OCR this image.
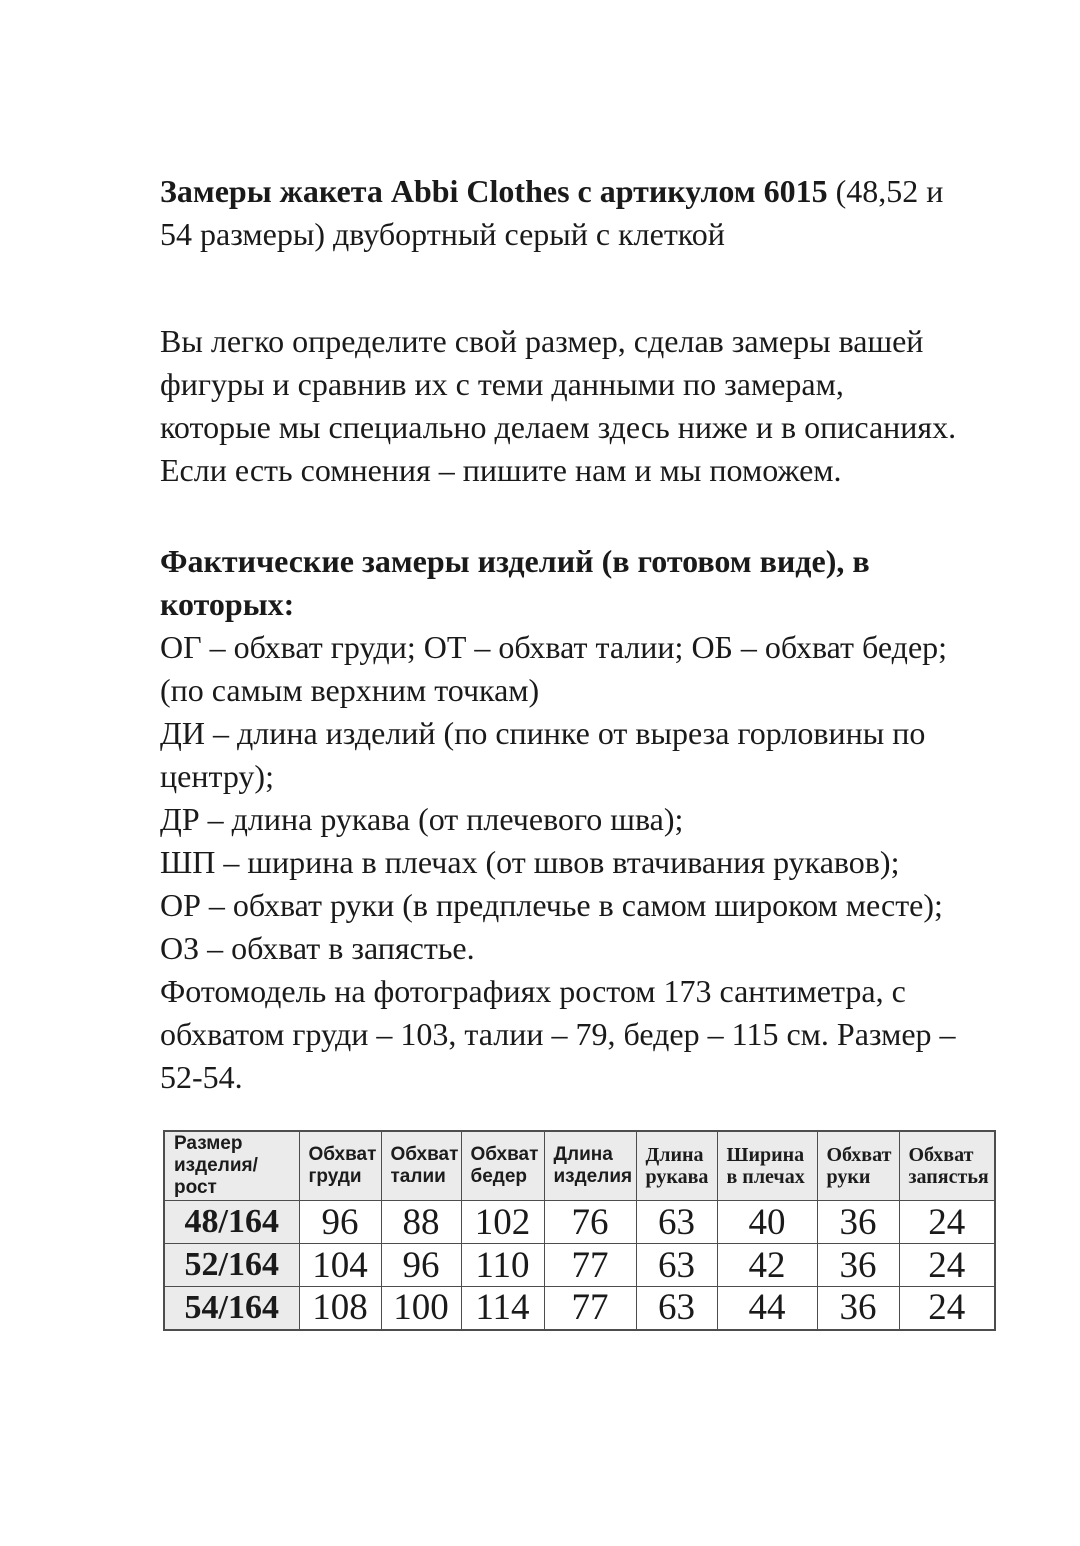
Замеры жакета Abbi Clothes с артикулом 6015 (48,52 и 54 размеры) двубортный серый с клеткой

Вы легко определите свой размер, сделав замеры вашей фигуры и сравнив их с теми данными по замерам, которые мы специально делаем здесь ниже и в описаниях. Если есть сомнения – пишите нам и мы поможем.

Фактические замеры изделий (в готовом виде), в которых:

ОГ – обхват груди; ОТ – обхват талии; ОБ – обхват бедер; (по самым верхним точкам)

ДИ – длина изделий (по спинке от выреза горловины по центру);

ДР – длина рукава (от плечевого шва);

ШП – ширина в плечах (от швов втачивания рукавов);

ОР – обхват руки (в предплечье в самом широком месте);

ОЗ – обхват в запястье.

Фотомодель на фотографиях ростом 173 сантиметра, с обхватом груди – 103, талии – 79, бедер – 115 см. Размер – 52-54.

Размер изделия/рост	Обхват груди	Обхват талии	Обхват бедер	Длина изделия	Длина рукава	Ширина в плечах	Обхват руки	Обхват запястья
48/164	96	88	102	76	63	40	36	24
52/164	104	96	110	77	63	42	36	24
54/164	108	100	114	77	63	44	36	24
